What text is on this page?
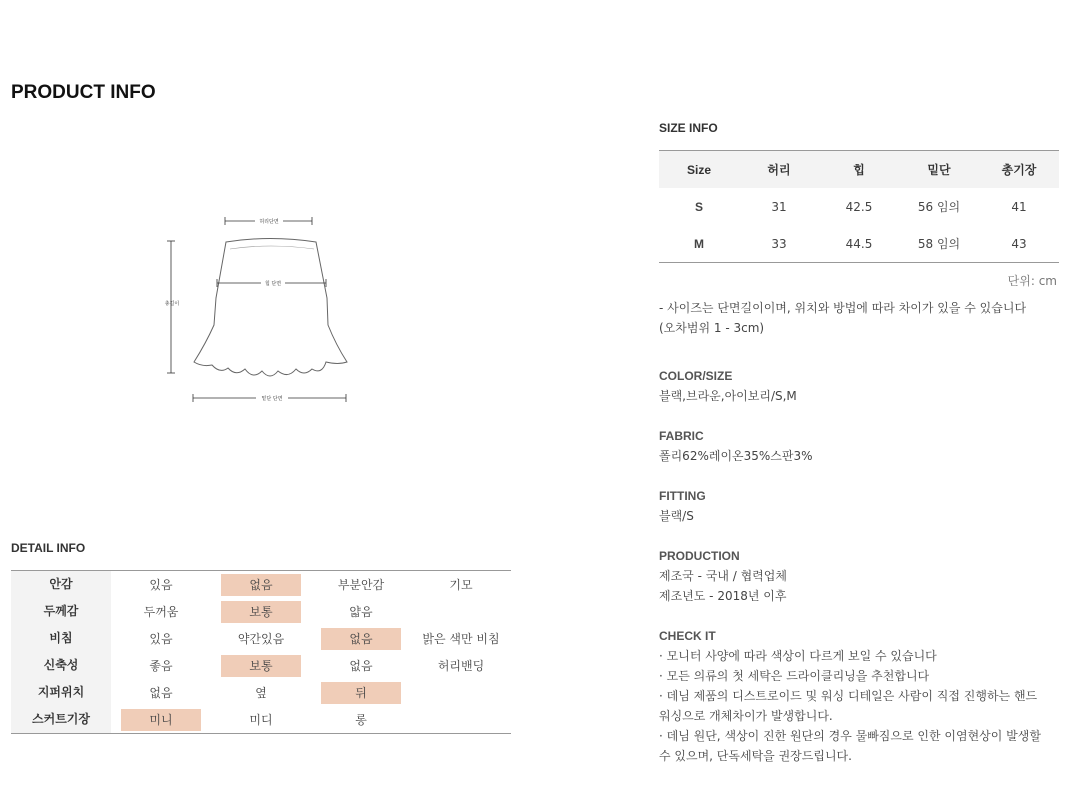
PRODUCT INFO
허리단면
총길이
힙 단면
밑단 단면
SIZE INFO
Size	허리	힙	밑단	총기장
S	31	42.5	56 임의	41
M	33	44.5	58 임의	43
단위: cm
- 사이즈는 단면길이이며, 위치와 방법에 따라 차이가 있을 수 있습니다
(오차범위 1 - 3cm)
COLOR/SIZE
블랙,브라운,아이보리/S,M
FABRIC
폴리62%레이온35%스판3%
FITTING
블랙/S
PRODUCTION
제조국 - 국내 / 협력업체
제조년도 - 2018년 이후
CHECK IT
· 모니터 사양에 따라 색상이 다르게 보일 수 있습니다
· 모든 의류의 첫 세탁은 드라이클리닝을 추천합니다
· 데님 제품의 디스트로이드 및 워싱 디테일은 사람이 직접 진행하는 핸드
워싱으로 개체차이가 발생합니다.
· 데님 원단, 색상이 진한 원단의 경우 물빠짐으로 인한 이염현상이 발생할
수 있으며, 단독세탁을 권장드립니다.
DETAIL INFO
안감	있음	없음	부분안감	기모
두께감	두꺼움	보통	얇음
비침	있음	약간있음	없음	밝은 색만 비침
신축성	좋음	보통	없음	허리밴딩
지퍼위치	없음	옆	뒤
스커트기장	미니	미디	롱
